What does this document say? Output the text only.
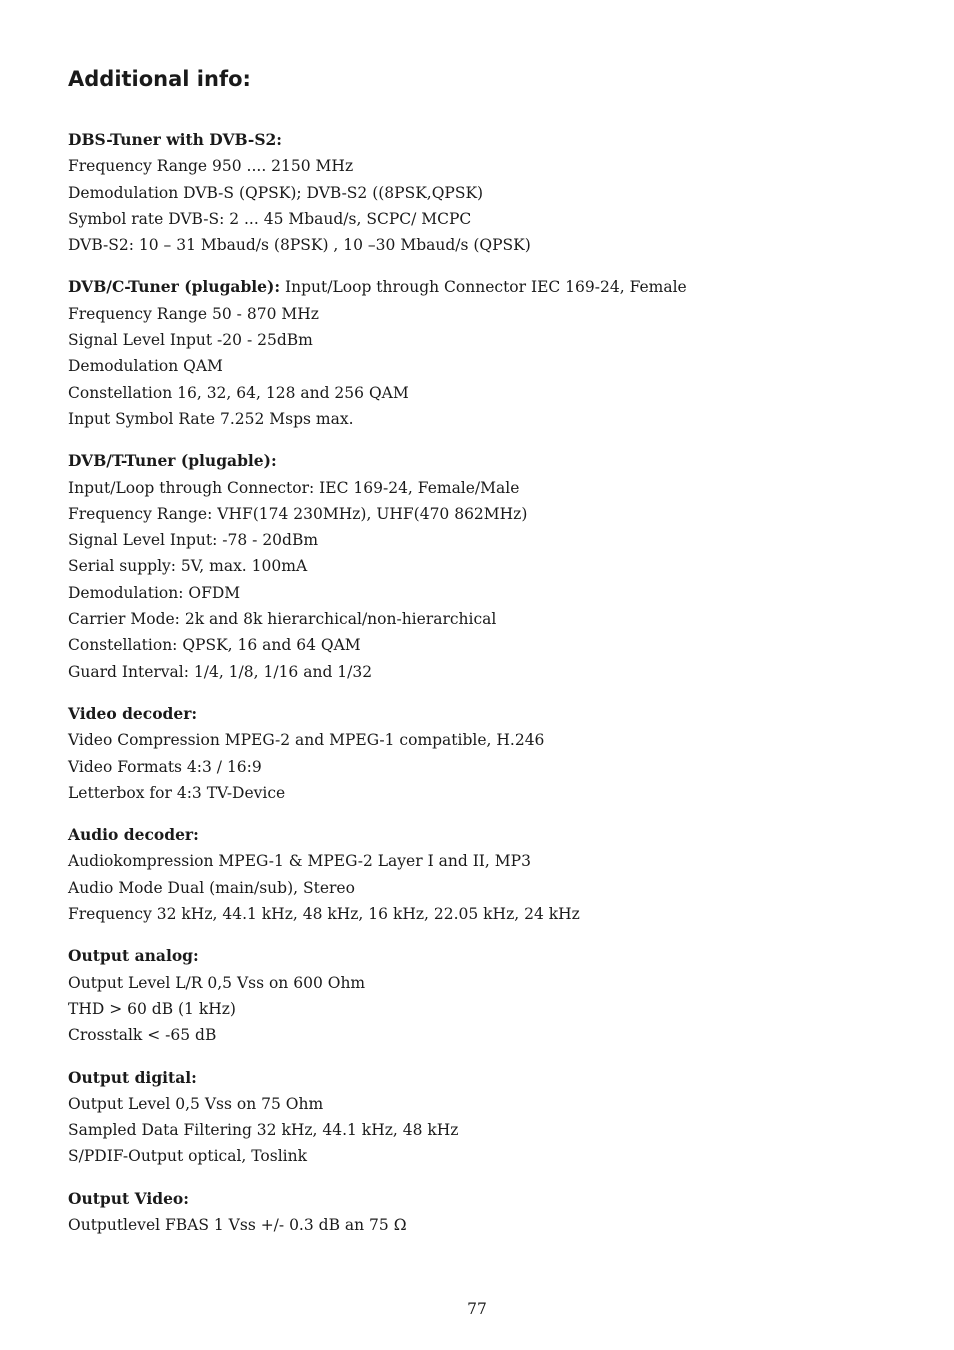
Additional info:
DBS-Tuner with DVB-S2:
Frequency Range 950 .... 2150 MHz
Demodulation DVB-S (QPSK); DVB-S2 ((8PSK,QPSK)
Symbol rate DVB-S: 2 ... 45 Mbaud/s, SCPC/ MCPC
DVB-S2: 10 – 31 Mbaud/s (8PSK) , 10 –30 Mbaud/s (QPSK)
DVB/C-Tuner (plugable): Input/Loop through Connector IEC 169-24, Female
Frequency Range 50 - 870 MHz
Signal Level Input -20 - 25dBm
Demodulation QAM
Constellation 16, 32, 64, 128 and 256 QAM
Input Symbol Rate 7.252 Msps max.
DVB/T-Tuner (plugable):
Input/Loop through Connector: IEC 169-24, Female/Male
Frequency Range: VHF(174 230MHz), UHF(470 862MHz)
Signal Level Input: -78 - 20dBm
Serial supply: 5V, max. 100mA
Demodulation: OFDM
Carrier Mode: 2k and 8k hierarchical/non-hierarchical
Constellation: QPSK, 16 and 64 QAM
Guard Interval: 1/4, 1/8, 1/16 and 1/32
Video decoder:
Video Compression MPEG-2 and MPEG-1 compatible, H.246
Video Formats 4:3 / 16:9
Letterbox for 4:3 TV-Device
Audio decoder:
Audiokompression MPEG-1 & MPEG-2 Layer I and II, MP3
Audio Mode Dual (main/sub), Stereo
Frequency 32 kHz, 44.1 kHz, 48 kHz, 16 kHz, 22.05 kHz, 24 kHz
Output analog:
Output Level L/R 0,5 Vss on 600 Ohm
THD > 60 dB (1 kHz)
Crosstalk < -65 dB
Output digital:
Output Level 0,5 Vss on 75 Ohm
Sampled Data Filtering 32 kHz, 44.1 kHz, 48 kHz
S/PDIF-Output optical, Toslink
Output Video:
Outputlevel FBAS 1 Vss +/- 0.3 dB an 75 Ω
77
